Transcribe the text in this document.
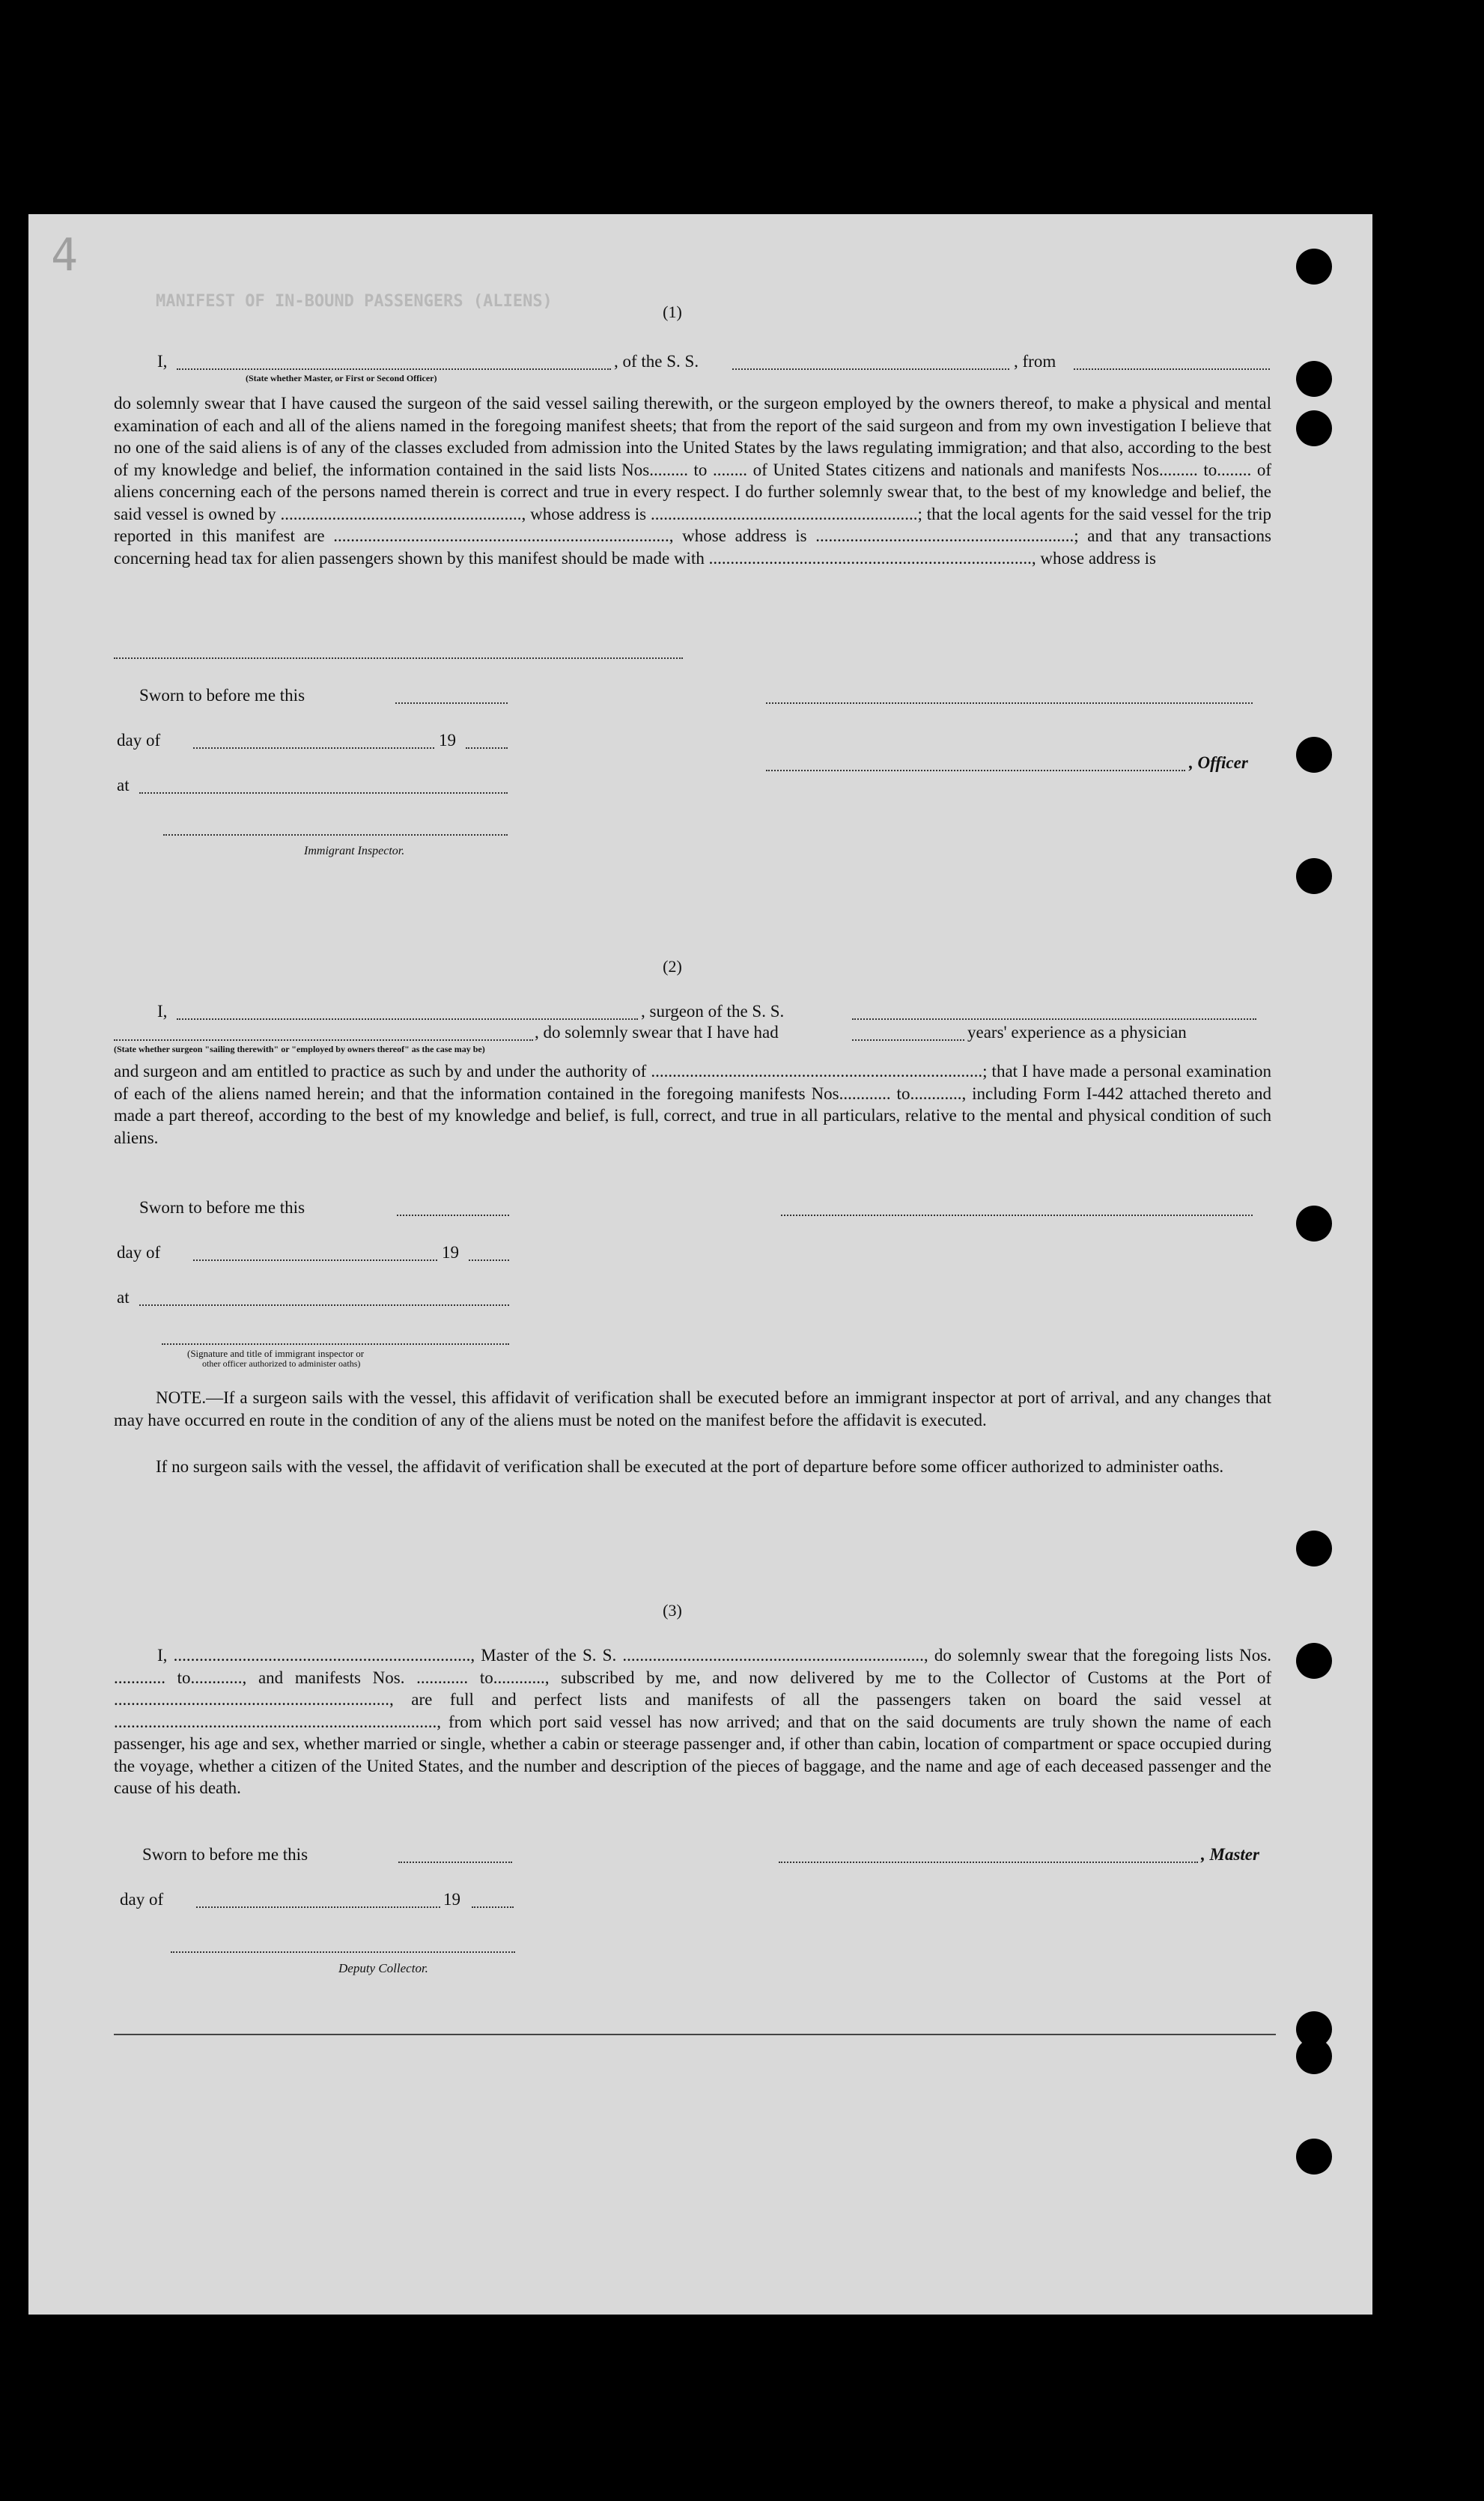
MANIFEST OF IN-BOUND PASSENGERS (ALIENS)
4
(1)
I,	, of the S. S.	, from
(State whether Master, or First or Second Officer)
do solemnly swear that I have caused the surgeon of the said vessel sailing therewith, or the surgeon employed by the owners thereof, to make a physical and mental examination of each and all of the aliens named in the foregoing manifest sheets; that from the report of the said surgeon and from my own investigation I believe that no one of the said aliens is of any of the classes excluded from admission into the United States by the laws regulating immigration; and that also, according to the best of my knowledge and belief, the information contained in the said lists Nos......... to ........ of United States citizens and nationals and manifests Nos......... to........ of aliens concerning each of the persons named therein is correct and true in every respect. I do further solemnly swear that, to the best of my knowledge and belief, the said vessel is owned by ........................................................, whose address is ..............................................................; that the local agents for the said vessel for the trip reported in this manifest are .............................................................................., whose address is ............................................................; and that any transactions concerning head tax for alien passengers shown by this manifest should be made with ..........................................................................., whose address is
Sworn to before me this
day of	19
, Officer
at
Immigrant Inspector.
(2)
I,	, surgeon of the S. S.
, do solemnly swear that I have had	years' experience as a physician
(State whether surgeon "sailing therewith" or "employed by owners thereof" as the case may be)
and surgeon and am entitled to practice as such by and under the authority of .............................................................................; that I have made a personal examination of each of the aliens named herein; and that the information contained in the foregoing manifests Nos............ to............, including Form I-442 attached thereto and made a part thereof, according to the best of my knowledge and belief, is full, correct, and true in all particulars, relative to the mental and physical condition of such aliens.
Sworn to before me this
day of	19
at
(Signature and title of immigrant inspector or
other officer authorized to administer oaths)
NOTE.—If a surgeon sails with the vessel, this affidavit of verification shall be executed before an immigrant inspector at port of arrival, and any changes that may have occurred en route in the condition of any of the aliens must be noted on the manifest before the affidavit is executed.
If no surgeon sails with the vessel, the affidavit of verification shall be executed at the port of departure before some officer authorized to administer oaths.
(3)
I, ....................................................................., Master of the S. S. ......................................................................, do solemnly swear that the foregoing lists Nos. ............ to............, and manifests Nos. ............ to............, subscribed by me, and now delivered by me to the Collector of Customs at the Port of ................................................................, are full and perfect lists and manifests of all the passengers taken on board the said vessel at ..........................................................................., from which port said vessel has now arrived; and that on the said documents are truly shown the name of each passenger, his age and sex, whether married or single, whether a cabin or steerage passenger and, if other than cabin, location of compartment or space occupied during the voyage, whether a citizen of the United States, and the number and description of the pieces of baggage, and the name and age of each deceased passenger and the cause of his death.
Sworn to before me this	, Master
day of	19
Deputy Collector.
